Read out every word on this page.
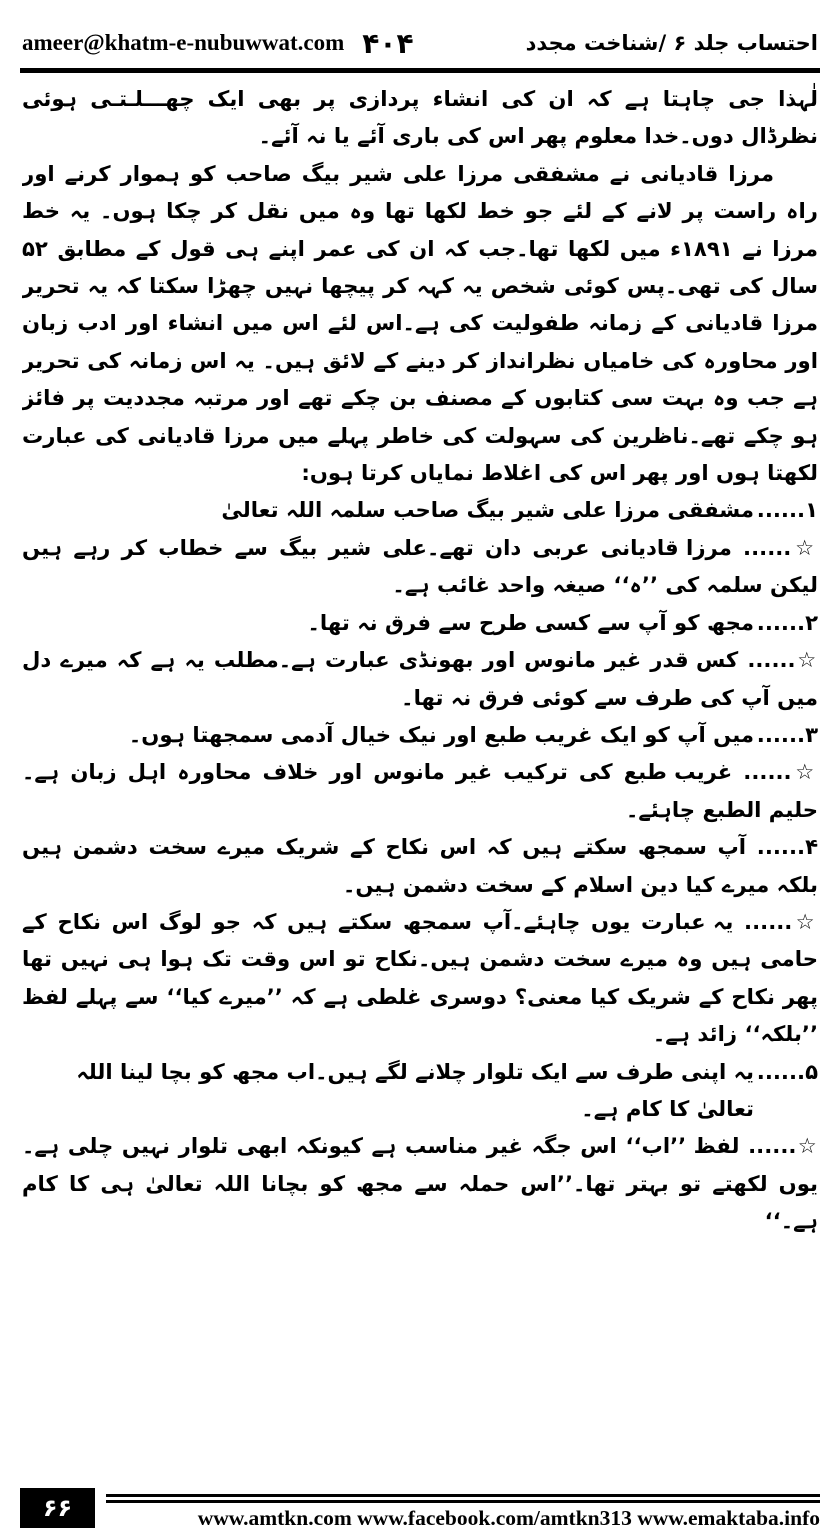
ameer@khatm-e-nubuwwat.com ۴۰۴	احتساب جلد ۶ /شناخت مجدد

لٰہذا جی چاہتا ہے کہ ان کی انشاء پردازی پر بھی ایک چھـــلـتـی ہوئی نظرڈال دوں۔خدا معلوم پھر اس کی باری آئے یا نہ آئے۔

مرزا قادیانی نے مشفقی مرزا علی شیر بیگ صاحب کو ہموار کرنے اور راہ راست پر لانے کے لئے جو خط لکھا تھا وہ میں نقل کر چکا ہوں۔ یہ خط مرزا نے ۱۸۹۱ء میں لکھا تھا۔جب کہ ان کی عمر اپنے ہی قول کے مطابق ۵۲ سال کی تھی۔پس کوئی شخص یہ کہہ کر پیچھا نہیں چھڑا سکتا کہ یہ تحریر مرزا قادیانی کے زمانہ طفولیت کی ہے۔اس لئے اس میں انشاء اور ادب زبان اور محاورہ کی خامیاں نظرانداز کر دینے کے لائق ہیں۔ یہ اس زمانہ کی تحریر ہے جب وہ بہت سی کتابوں کے مصنف بن چکے تھے اور مرتبہ مجددیت پر فائز ہو چکے تھے۔ناظرین کی سہولت کی خاطر پہلے میں مرزا قادیانی کی عبارت لکھتا ہوں اور پھر اس کی اغلاط نمایاں کرتا ہوں:

۱......
مشفقی مرزا علی شیر بیگ صاحب سلمہ اللہ تعالیٰ

☆...... مرزا قادیانی عربی دان تھے۔علی شیر بیگ سے خطاب کر رہے ہیں لیکن سلمہ کی ’’ہ‘‘ صیغہ واحد غائب ہے۔

۲......
مجھ کو آپ سے کسی طرح سے فرق نہ تھا۔

☆...... کس قدر غیر مانوس اور بھونڈی عبارت ہے۔مطلب یہ ہے کہ میرے دل میں آپ کی طرف سے کوئی فرق نہ تھا۔

۳......
میں آپ کو ایک غریب طبع اور نیک خیال آدمی سمجھتا ہوں۔

☆...... غریب طبع کی ترکیب غیر مانوس اور خلاف محاورہ اہل زبان ہے۔حلیم الطبع چاہئے۔

۴...... آپ سمجھ سکتے ہیں کہ اس نکاح کے شریک میرے سخت دشمن ہیں بلکہ میرے کیا دین اسلام کے سخت دشمن ہیں۔

☆...... یہ عبارت یوں چاہئے۔آپ سمجھ سکتے ہیں کہ جو لوگ اس نکاح کے حامی ہیں وہ میرے سخت دشمن ہیں۔نکاح تو اس وقت تک ہوا ہی نہیں تھا پھر نکاح کے شریک کیا معنی؟ دوسری غلطی ہے کہ ’’میرے کیا‘‘ سے پہلے لفظ ’’بلکہ‘‘ زائد ہے۔

۵......
یہ اپنی طرف سے ایک تلوار چلانے لگے ہیں۔اب مجھ کو بچا لینا اللہ تعالیٰ کا کام ہے۔

☆...... لفظ ’’اب‘‘ اس جگہ غیر مناسب ہے کیونکہ ابھی تلوار نہیں چلی ہے۔یوں لکھتے تو بہتر تھا۔’’اس حملہ سے مجھ کو بچانا اللہ تعالیٰ ہی کا کام ہے۔‘‘

۶۶	www.amtkn.com www.facebook.com/amtkn313 www.emaktaba.info
